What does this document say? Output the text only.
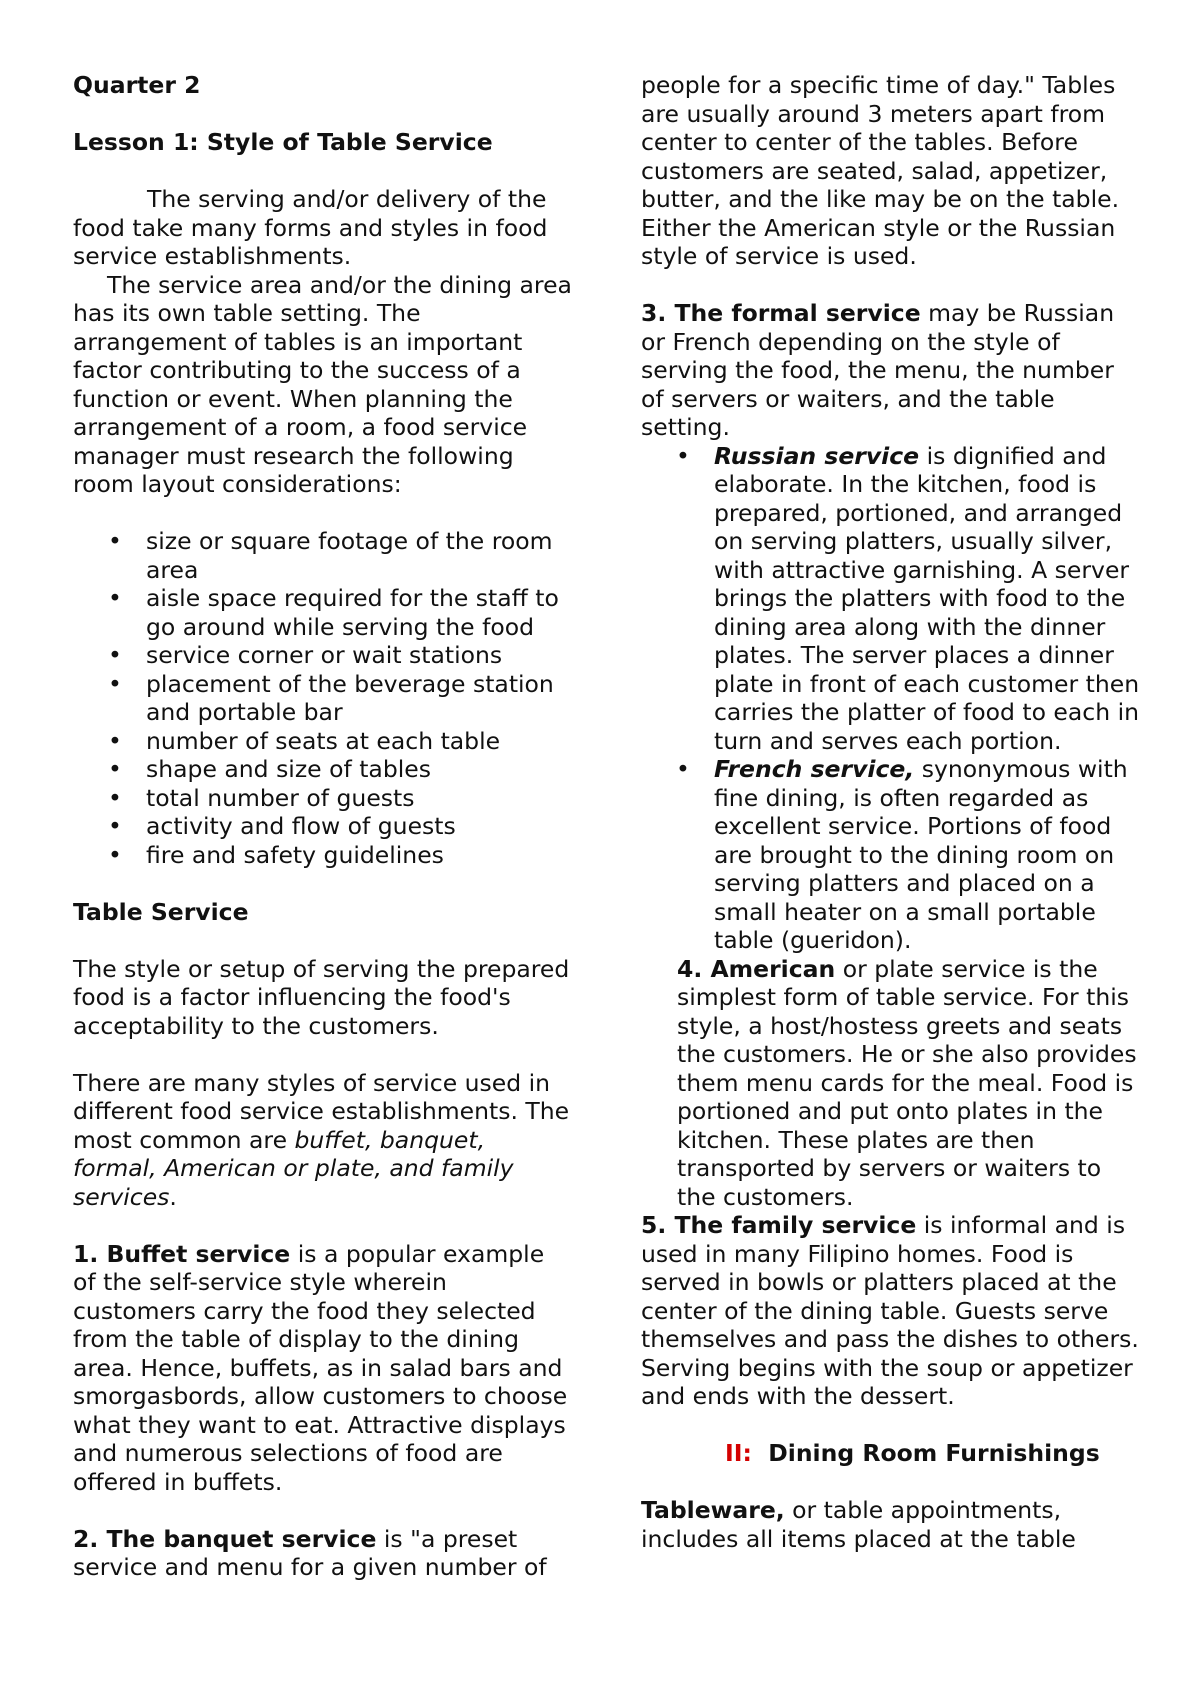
Quarter 2

Lesson 1: Style of Table Service

The serving and/or delivery of the food take many forms and styles in food service establishments.

The service area and/or the dining area has its own table setting. The arrangement of tables is an important factor contributing to the success of a function or event. When planning the arrangement of a room, a food service manager must research the following room layout considerations:

• size or square footage of the room area
• aisle space required for the staff to go around while serving the food
• service corner or wait stations
• placement of the beverage station and portable bar
• number of seats at each table
• shape and size of tables
• total number of guests
• activity and flow of guests
• fire and safety guidelines

Table Service

The style or setup of serving the prepared food is a factor influencing the food's acceptability to the customers.

There are many styles of service used in different food service establishments. The most common are buffet, banquet, formal, American or plate, and family services.

1. Buffet service is a popular example of the self-service style wherein customers carry the food they selected from the table of display to the dining area. Hence, buffets, as in salad bars and smorgasbords, allow customers to choose what they want to eat. Attractive displays and numerous selections of food are offered in buffets.

2. The banquet service is "a preset service and menu for a given number of

people for a specific time of day." Tables are usually around 3 meters apart from center to center of the tables. Before customers are seated, salad, appetizer, butter, and the like may be on the table. Either the American style or the Russian style of service is used.

3. The formal service may be Russian or French depending on the style of serving the food, the menu, the number of servers or waiters, and the table setting.

• Russian service is dignified and elaborate. In the kitchen, food is prepared, portioned, and arranged on serving platters, usually silver, with attractive garnishing. A server brings the platters with food to the dining area along with the dinner plates. The server places a dinner plate in front of each customer then carries the platter of food to each in turn and serves each portion.
• French service, synonymous with fine dining, is often regarded as excellent service. Portions of food are brought to the dining room on serving platters and placed on a small heater on a small portable table (gueridon).

4. American or plate service is the simplest form of table service. For this style, a host/hostess greets and seats the customers. He or she also provides them menu cards for the meal. Food is portioned and put onto plates in the kitchen. These plates are then transported by servers or waiters to the customers.

5. The family service is informal and is used in many Filipino homes. Food is served in bowls or platters placed at the center of the dining table. Guests serve themselves and pass the dishes to others. Serving begins with the soup or appetizer and ends with the dessert.

II: Dining Room Furnishings

Tableware, or table appointments, includes all items placed at the table
